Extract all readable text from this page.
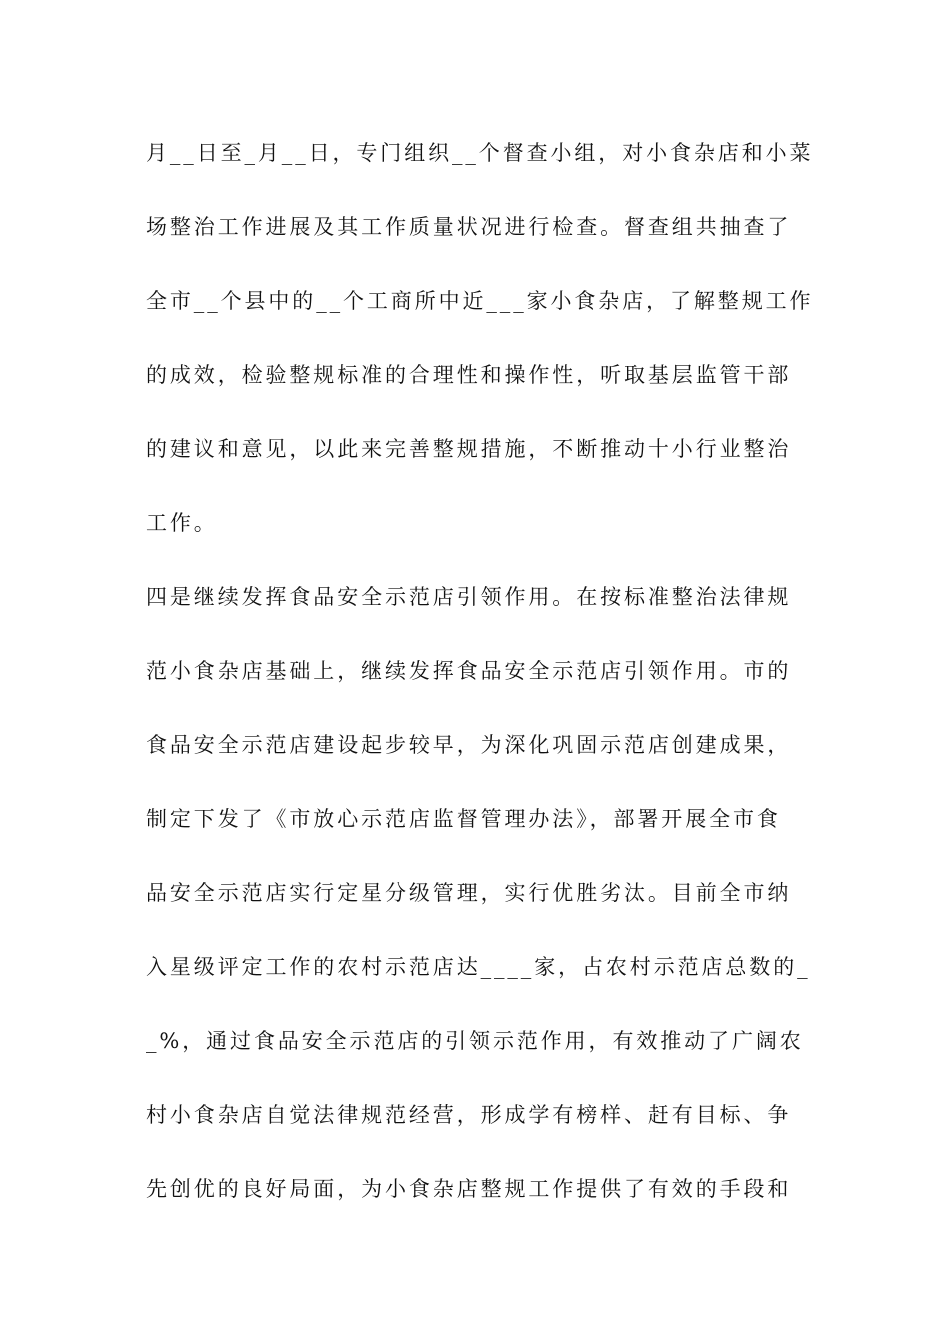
月__日至_月__日，专门组织__个督查小组，对小食杂店和小菜
场整治工作进展及其工作质量状况进行检查。督查组共抽查了
全市__个县中的__个工商所中近___家小食杂店，了解整规工作
的成效，检验整规标准的合理性和操作性，听取基层监管干部
的建议和意见，以此来完善整规措施，不断推动十小行业整治
工作。
四是继续发挥食品安全示范店引领作用。在按标准整治法律规
范小食杂店基础上，继续发挥食品安全示范店引领作用。市的
食品安全示范店建设起步较早，为深化巩固示范店创建成果，
制定下发了《市放心示范店监督管理办法》，部署开展全市食
品安全示范店实行定星分级管理，实行优胜劣汰。目前全市纳
入星级评定工作的农村示范店达____家，占农村示范店总数的_
_%，通过食品安全示范店的引领示范作用，有效推动了广阔农
村小食杂店自觉法律规范经营，形成学有榜样、赶有目标、争
先创优的良好局面，为小食杂店整规工作提供了有效的手段和
